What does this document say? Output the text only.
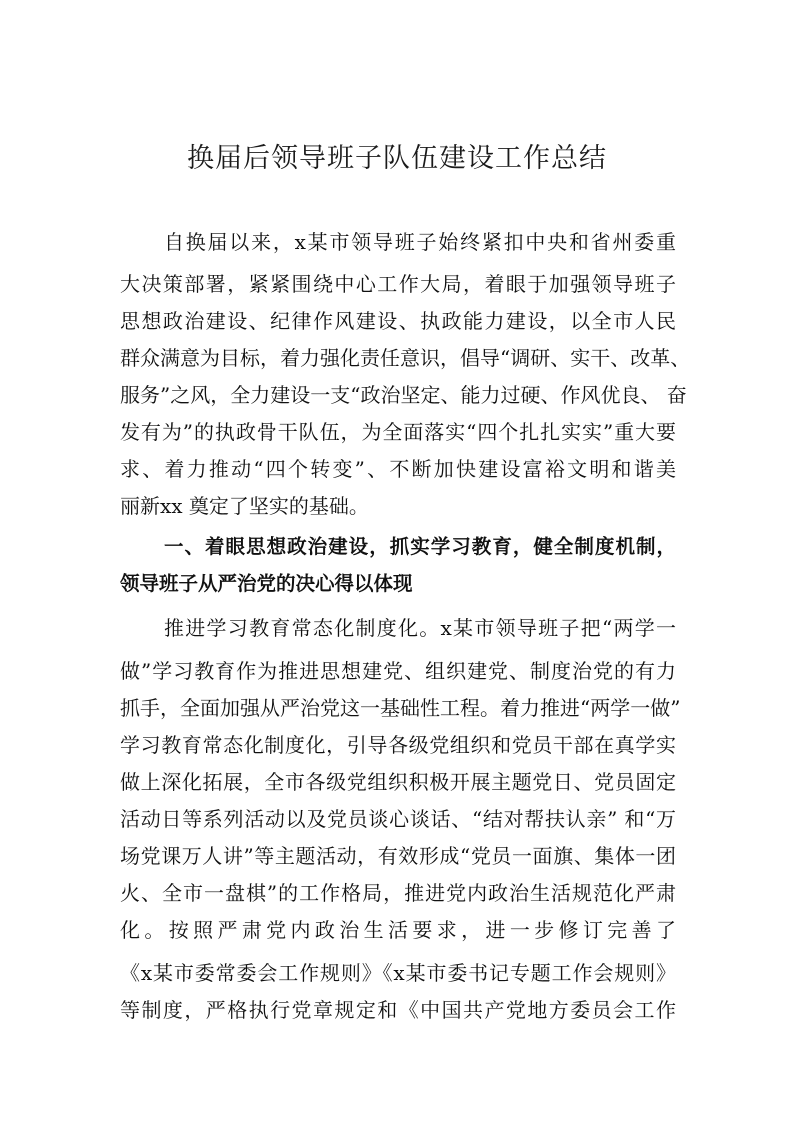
换届后领导班子队伍建设工作总结
自换届以来，x某市领导班子始终紧扣中央和省州委重
大决策部署，紧紧围绕中心工作大局，着眼于加强领导班子
思想政治建设、纪律作风建设、执政能力建设，以全市人民
群众满意为目标，着力强化责任意识，倡导“调研、实干、改革、
服务”之风，全力建设一支“政治坚定、能力过硬、作风优良、 奋
发有为”的执政骨干队伍，为全面落实“四个扎扎实实”重大要
求、着力推动“四个转变”、不断加快建设富裕文明和谐美
丽新xx 奠定了坚实的基础。
一、着眼思想政治建设，抓实学习教育，健全制度机制，
领导班子从严治党的决心得以体现
推进学习教育常态化制度化。x某市领导班子把“两学一
做”学习教育作为推进思想建党、组织建党、制度治党的有力
抓手，全面加强从严治党这一基础性工程。着力推进“两学一做”
学习教育常态化制度化，引导各级党组织和党员干部在真学实
做上深化拓展，全市各级党组织积极开展主题党日、党员固定
活动日等系列活动以及党员谈心谈话、“结对帮扶认亲” 和“万
场党课万人讲”等主题活动，有效形成“党员一面旗、集体一团
火、全市一盘棋”的工作格局，推进党内政治生活规范化严肃
化。按照严肃党内政治生活要求，进一步修订完善了
《x某市委常委会工作规则》《x某市委书记专题工作会规则》
等制度，严格执行党章规定和《中国共产党地方委员会工作
